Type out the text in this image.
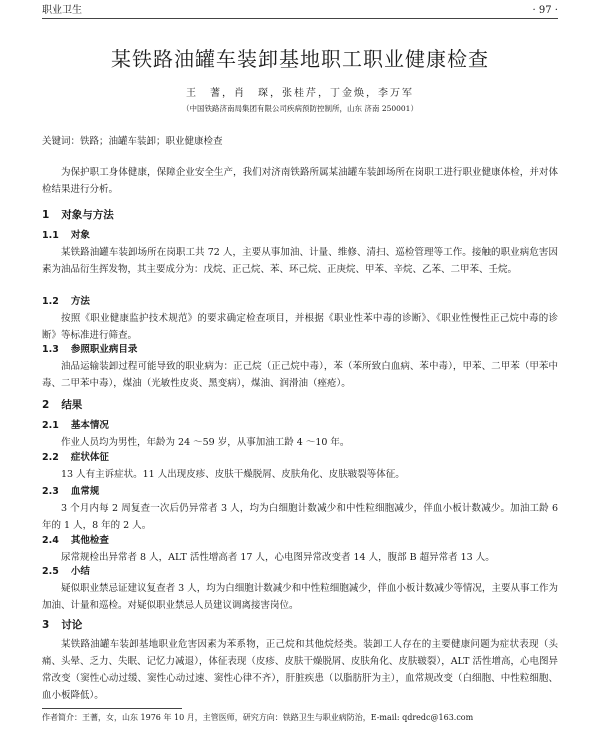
职业卫生	· 97 ·
某铁路油罐车装卸基地职工职业健康检查
王　蓍，肖　琛，张桂芹，丁金焕，李万军
（中国铁路济南局集团有限公司疾病预防控制所，山东 济南 250001）
关键词：铁路；油罐车装卸；职业健康检查
为保护职工身体健康，保障企业安全生产，我们对济南铁路所属某油罐车装卸场所在岗职工进行职业健康体检，并对体检结果进行分析。
1 对象与方法
1.1 对象
某铁路油罐车装卸场所在岗职工共 72 人，主要从事加油、计量、维修、清扫、巡检管理等工作。接触的职业病危害因素为油品衍生挥发物，其主要成分为：戊烷、正己烷、苯、环己烷、正庚烷、甲苯、辛烷、乙苯、二甲苯、壬烷。
1.2 方法
按照《职业健康监护技术规范》的要求确定检查项目，并根据《职业性苯中毒的诊断》、《职业性慢性正己烷中毒的诊断》等标准进行筛查。
1.3 参照职业病目录
油品运输装卸过程可能导致的职业病为：正己烷（正己烷中毒），苯（苯所致白血病、苯中毒），甲苯、二甲苯（甲苯中毒、二甲苯中毒），煤油（光敏性皮炎、黑变病），煤油、润滑油（痤疮）。
2 结果
2.1 基本情况
作业人员均为男性，年龄为 24 ～59 岁，从事加油工龄 4 ～10 年。
2.2 症状体征
13 人有主诉症状。11 人出现皮疹、皮肤干燥脱屑、皮肤角化、皮肤皲裂等体征。
2.3 血常规
3 个月内每 2 周复查一次后仍异常者 3 人，均为白细胞计数减少和中性粒细胞减少，伴血小板计数减少。加油工龄 6 年的 1 人，8 年的 2 人。
2.4 其他检查
尿常规检出异常者 8 人，ALT 活性增高者 17 人，心电图异常改变者 14 人，腹部 B 超异常者 13 人。
2.5 小结
疑似职业禁忌证建议复查者 3 人，均为白细胞计数减少和中性粒细胞减少，伴血小板计数减少等情况，主要从事工作为加油、计量和巡检。对疑似职业禁忌人员建议调离接害岗位。
3 讨论
某铁路油罐车装卸基地职业危害因素为苯系物，正己烷和其他烷烃类。装卸工人存在的主要健康问题为症状表现（头痛、头晕、乏力、失眠、记忆力减退），体征表现（皮疹、皮肤干燥脱屑、皮肤角化、皮肤皲裂），ALT 活性增高，心电图异常改变（窦性心动过缓、窦性心动过速、窦性心律不齐），肝脏疾患（以脂肪肝为主），血常规改变（白细胞、中性粒细胞、血小板降低）。
作者简介：王蓍，女，山东 1976 年 10 月，主管医师，研究方向：铁路卫生与职业病防治，E-mail: qdredc@163.com
